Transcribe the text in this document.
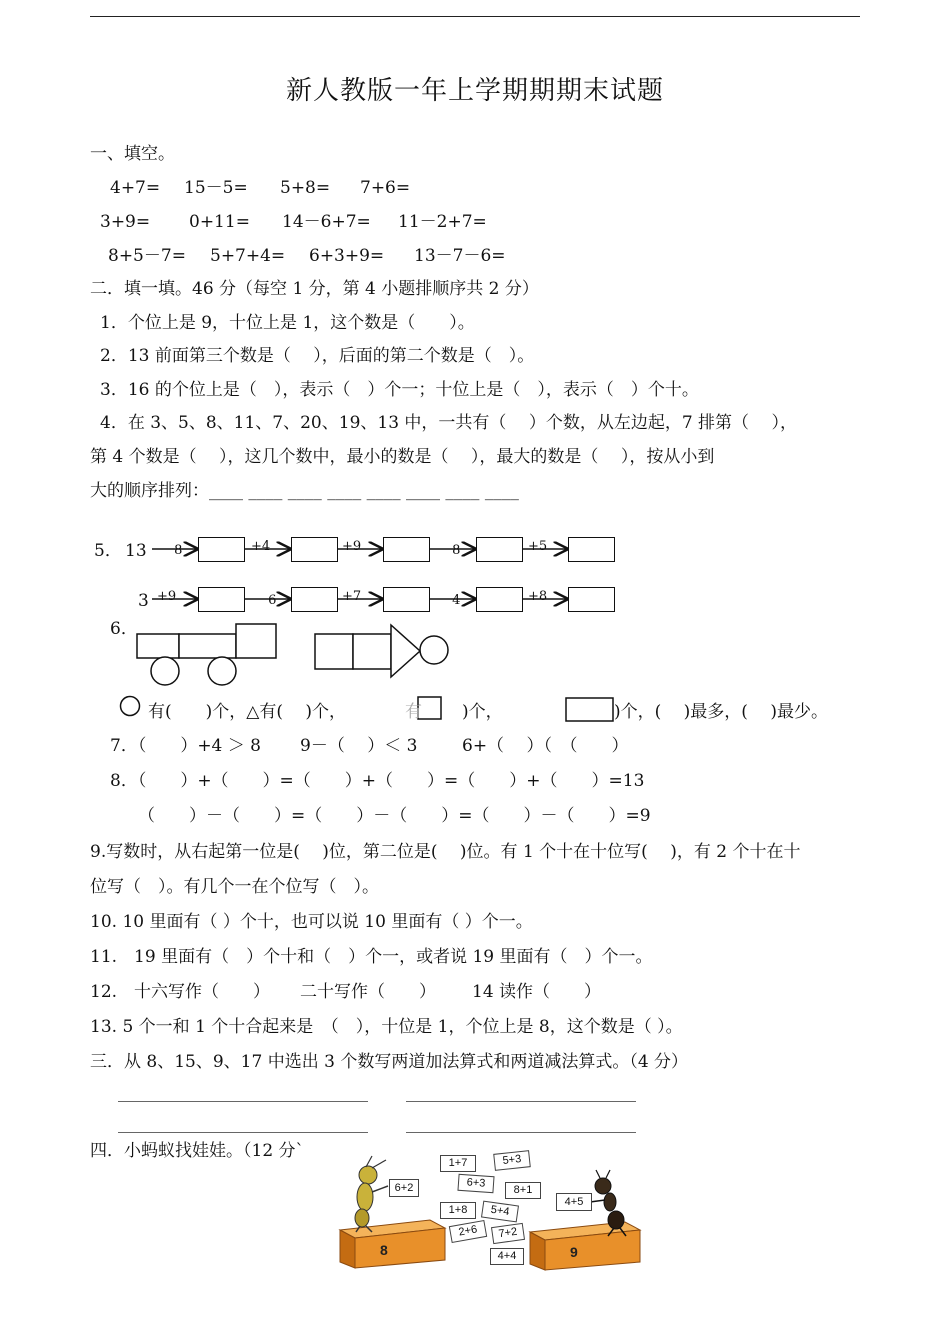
新人教版一年上学期期期末试题
一、填空。
4+7= 15－5= 5+8= 7+6=
3+9= 0+11= 14－6+7= 11－2+7=
8+5－7= 5+7+4= 6+3+9= 13－7－6=
二．填一填。46 分（每空 1 分，第 4 小题排顺序共 2 分）
1．个位上是 9，十位上是 1，这个数是（　　）。
2．13 前面第三个数是（　 ），后面的第二个数是（　）。
3．16 的个位上是（　），表示（　）个一；十位上是（　），表示（　）个十。
4．在 3、5、8、11、7、20、19、13 中，一共有（　 ）个数，从左边起，7 排第（　 ），
第 4 个数是（　 ），这几个数中，最小的数是（　 ），最大的数是（　 ），按从小到
大的顺序排列：____ ____ ____ ____ ____ ____ ____ ____
5． 13
3
－ 8	+4	+9	－ 8	+5
+9	－ 6	+7	－ 4	+8
6．
有(　　)个，△有(　 )个，	有 )个，	)个，(　 )最多，(　 )最少。
7．（　　）+4 ＞ 8 9－（　 ）＜ 3	6+（　 ）（　（　　）
8．（　　）+（　　）=（　　）+（　　）=（　　）+（　　）=13
（　　）－（　　）=（　　）－（　　）=（　　）－（　　）=9
9.写数时，从右起第一位是(　 )位，第二位是(　 )位。有 1 个十在十位写(　 )，有 2 个十在十
位写（　）。有几个一在个位写（　）。
10. 10 里面有（ ）个十，也可以说 10 里面有（ ）个一。
11.　19 里面有（　）个十和（　）个一，或者说 19 里面有（　）个一。
12.　十六写作（　　） 二十写作（　　） 14 读作（　　）
13. 5 个一和 1 个十合起来是　（　），十位是 1，个位上是 8，这个数是（ ）。
三．从 8、15、9、17 中选出 3 个数写两道加法算式和两道减法算式。（4 分）
四．小蚂蚁找娃娃。（12 分`
8	9
1+7	5+3
6+2	6+3
8+1
1+8	5+4
2+6	7+2
4+5
4+4
